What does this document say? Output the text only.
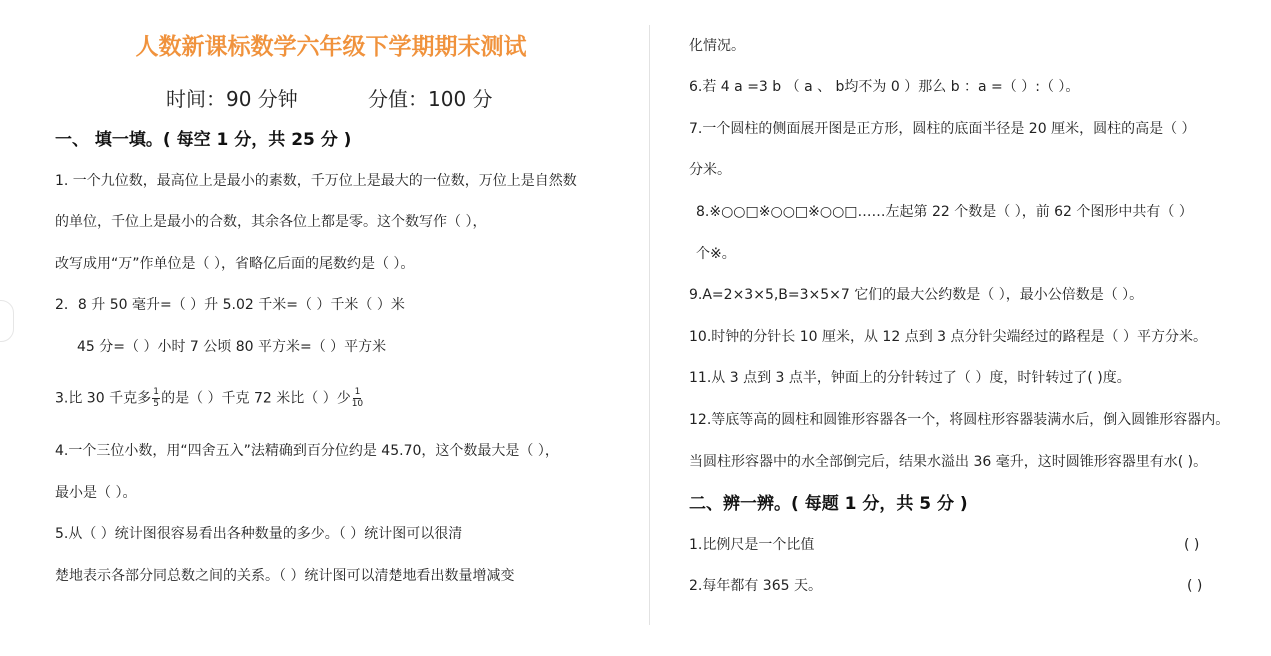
人数新课标数学六年级下学期期末测试
时间：90 分钟	分值：100 分
一、 填一填。( 每空 1 分，共 25 分 )
1. 一个九位数，最高位上是最小的素数，千万位上是最大的一位数，万位上是自然数
的单位，千位上是最小的合数，其余各位上都是零。这个数写作（ ），
改写成用“万”作单位是（ ），省略亿后面的尾数约是（ ）。
2．8 升 50 毫升=（ ）升 5.02 千米=（ ）千米（ ）米
45 分=（ ）小时 7 公顷 80 平方米=（ ）平方米
3.比 30 千克多 $\frac{1}{5}$ 的是（ ）千克 72 米比（ ）少 $\frac{1}{10}$
4.一个三位小数，用“四舍五入”法精确到百分位约是 45.70，这个数最大是（ ），
最小是（ ）。
5.从（ ）统计图很容易看出各种数量的多少。（ ）统计图可以很清
楚地表示各部分同总数之间的关系。（ ）统计图可以清楚地看出数量增减变
化情况。
6.若 4 a =3 b （ a 、 b均不为 0 ）那么 b ：a =（ ）:（ ）。
7.一个圆柱的侧面展开图是正方形，圆柱的底面半径是 20 厘米，圆柱的高是（ ）
分米。
8.※○○□※○○□※○○□……左起第 22 个数是（ ），前 62 个图形中共有（ ）
个※。
9.A=2×3×5,B=3×5×7 它们的最大公约数是（ ），最小公倍数是（ ）。
10.时钟的分针长 10 厘米，从 12 点到 3 点分针尖端经过的路程是（ ）平方分米。
11.从 3 点到 3 点半，钟面上的分针转过了（ ）度，时针转过了( )度。
12.等底等高的圆柱和圆锥形容器各一个，将圆柱形容器装满水后，倒入圆锥形容器内。
当圆柱形容器中的水全部倒完后，结果水溢出 36 毫升，这时圆锥形容器里有水( )。
二、辨一辨。( 每题 1 分，共 5 分 )
1.比例尺是一个比值	( )
2.每年都有 365 天。	( )
